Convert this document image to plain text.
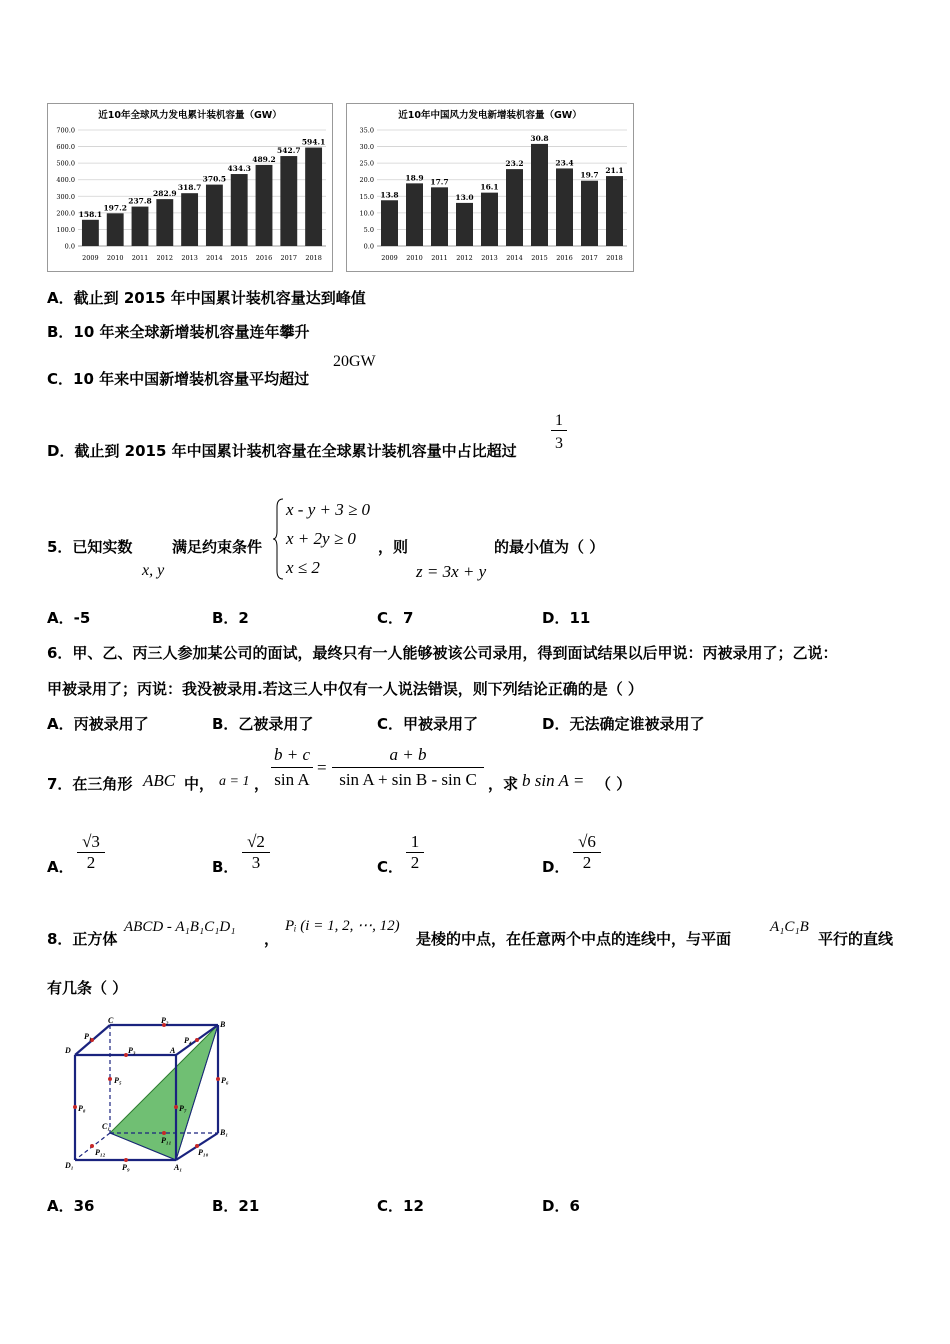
近10年全球风力发电累计装机容量（GW）
0.0
100.0
200.0
300.0
400.0
500.0
600.0
700.0
158.1
2009
197.2
2010
237.8
2011
282.9
2012
318.7
2013
370.5
2014
434.3
2015
489.2
2016
542.7
2017
594.1
2018
近10年中国风力发电新增装机容量（GW）
0.0
5.0
10.0
15.0
20.0
25.0
30.0
35.0
13.8
2009
18.9
2010
17.7
2011
13.0
2012
16.1
2013
23.2
2014
30.8
2015
23.4
2016
19.7
2017
21.1
2018
A．截止到 2015 年中国累计装机容量达到峰值
B．10 年来全球新增装机容量连年攀升
C．10 年来中国新增装机容量平均超过
20GW
D．截止到 2015 年中国累计装机容量在全球累计装机容量中占比超过 $\frac{1}{3}$
5．已知实数
x, y
满足约束条件
x - y + 3 ≥ 0
x + 2y ≥ 0
x ≤ 2
，则
z = 3x + y
的最小值为（ ）
A．-5	B．2	C．7	D．11
6．甲、乙、丙三人参加某公司的面试，最终只有一人能够被该公司录用，得到面试结果以后甲说：丙被录用了；乙说：
甲被录用了；丙说：我没被录用.若这三人中仅有一人说法错误，则下列结论正确的是（ ）
A．丙被录用了	B．乙被录用了	C．甲被录用了	D．无法确定谁被录用了
7．在三角形 ABC 中， a = 1 ， $\frac{b + c}{\text{sin A}} = \frac{a + b}{\text{sin A + sin B - sin C}}$ ，求 b sin A = （ ）
A． $\frac{√3}{2}$	B． $\frac{√2}{3}$	C． $\frac{1}{2}$	D． $\frac{√6}{2}$
8．正方体
ABCD - A₁B₁C₁D₁
，
Pᵢ (i = 1, 2, ⋯, 12)
是棱的中点，在任意两个中点的连线中，与平面
A₁C₁B
平行的直线
有几条（ ）
C	B
D	A
C₁
B₁
D₁	A₁
P₁
P₂
P₃
P₄
P₅	P₆
P₇
P₈
P₉
P₁₀
P₁₁
P₁₂
A．36	B．21	C．12	D．6
